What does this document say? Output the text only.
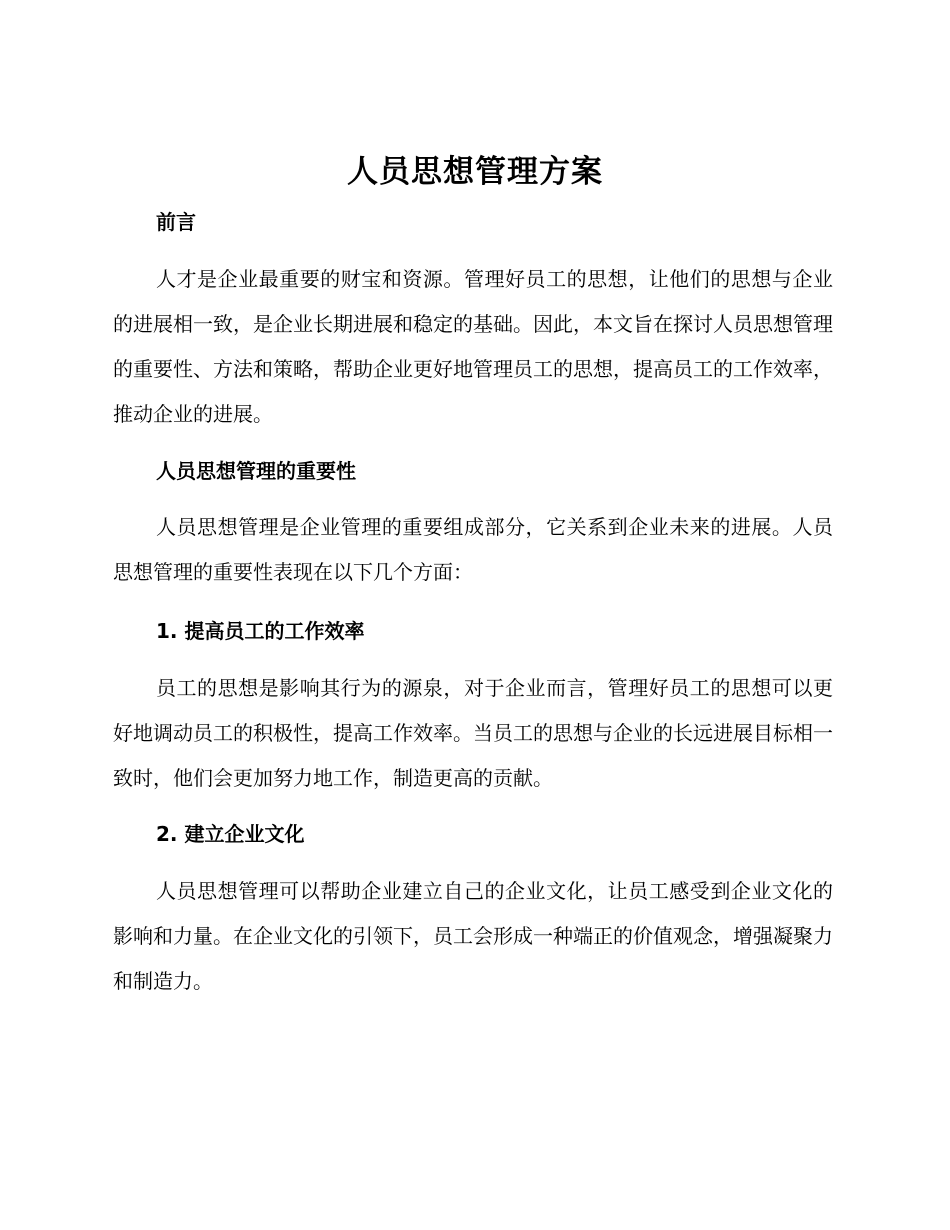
人员思想管理方案
前言
人才是企业最重要的财宝和资源。管理好员工的思想，让他们的思想与企业的进展相一致，是企业长期进展和稳定的基础。因此，本文旨在探讨人员思想管理的重要性、方法和策略，帮助企业更好地管理员工的思想，提高员工的工作效率，推动企业的进展。
人员思想管理的重要性
人员思想管理是企业管理的重要组成部分，它关系到企业未来的进展。人员思想管理的重要性表现在以下几个方面：
1. 提高员工的工作效率
员工的思想是影响其行为的源泉，对于企业而言，管理好员工的思想可以更好地调动员工的积极性，提高工作效率。当员工的思想与企业的长远进展目标相一致时，他们会更加努力地工作，制造更高的贡献。
2. 建立企业文化
人员思想管理可以帮助企业建立自己的企业文化，让员工感受到企业文化的影响和力量。在企业文化的引领下，员工会形成一种端正的价值观念，增强凝聚力和制造力。
